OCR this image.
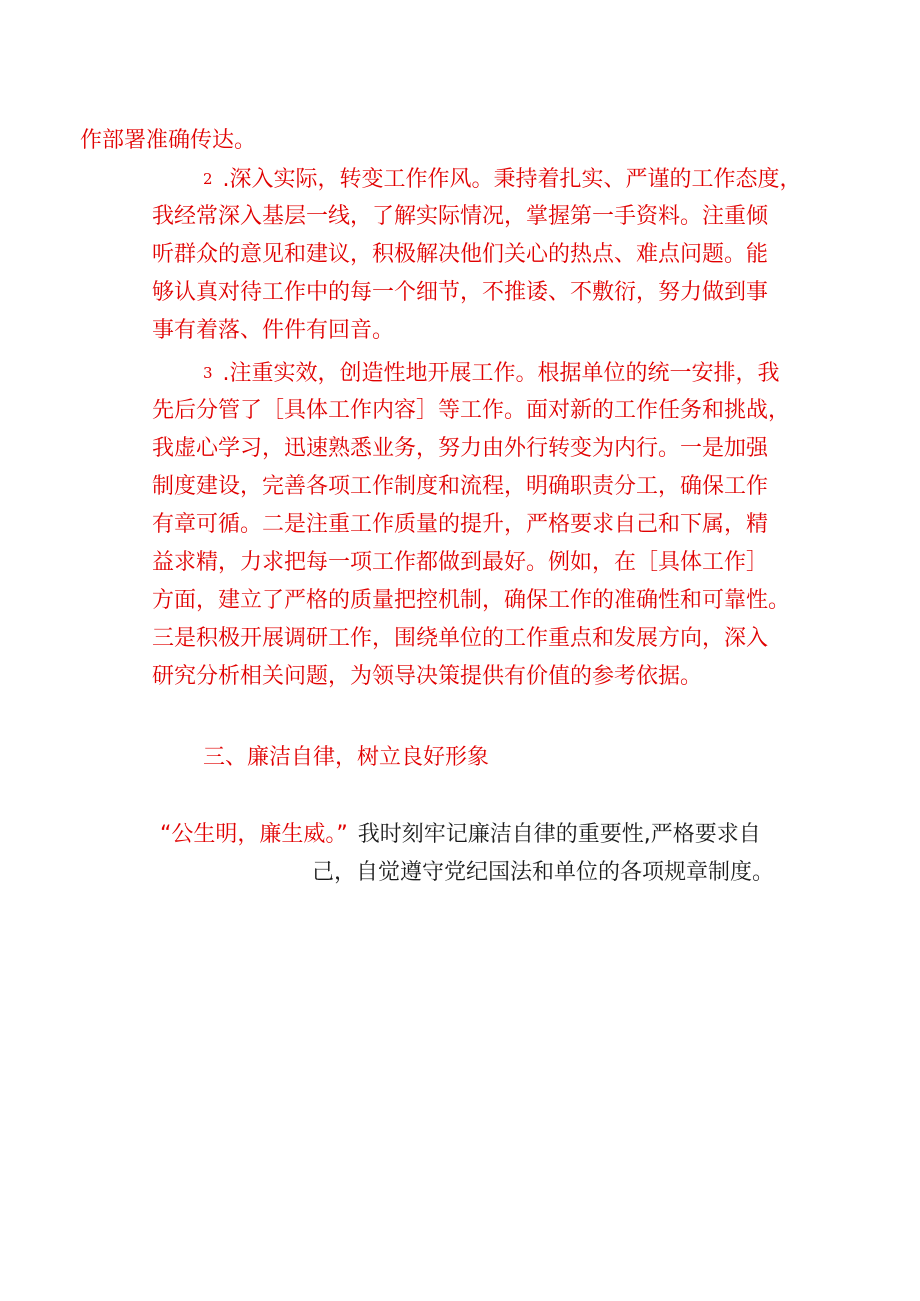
作部署准确传达。
2 .深入实际，转变工作作风。秉持着扎实、严谨的工作态度，
我经常深入基层一线，了解实际情况，掌握第一手资料。注重倾
听群众的意见和建议，积极解决他们关心的热点、难点问题。能
够认真对待工作中的每一个细节，不推诿、不敷衍，努力做到事
事有着落、件件有回音。
3 .注重实效，创造性地开展工作。根据单位的统一安排，我
先后分管了［具体工作内容］等工作。面对新的工作任务和挑战，
我虚心学习，迅速熟悉业务，努力由外行转变为内行。一是加强
制度建设，完善各项工作制度和流程，明确职责分工，确保工作
有章可循。二是注重工作质量的提升，严格要求自己和下属，精
益求精，力求把每一项工作都做到最好。例如，在［具体工作］
方面，建立了严格的质量把控机制，确保工作的准确性和可靠性。
三是积极开展调研工作，围绕单位的工作重点和发展方向，深入
研究分析相关问题，为领导决策提供有价值的参考依据。
三、廉洁自律，树立良好形象
“公生明，廉生威。” 我时刻牢记廉洁自律的重要性,严格要求自
己，自觉遵守党纪国法和单位的各项规章制度。
